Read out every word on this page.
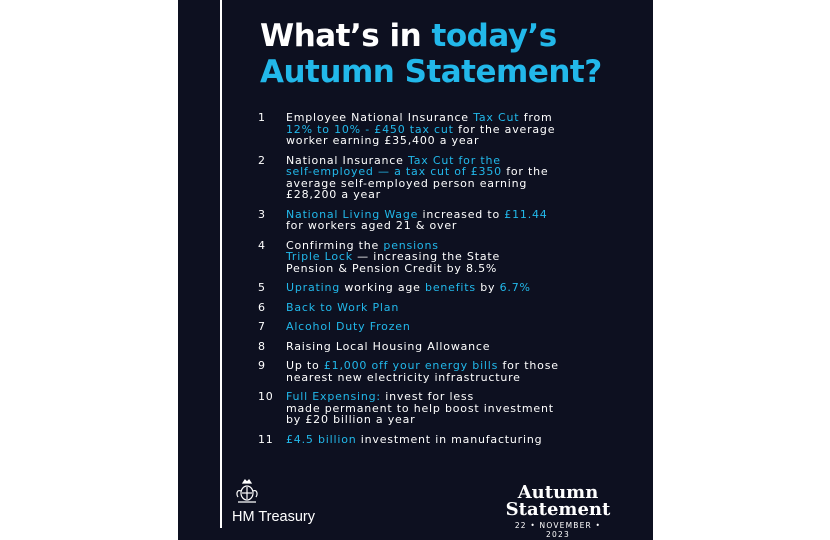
What’s in today’s
Autumn Statement?
1	Employee National Insurance Tax Cut from
12% to 10% - £450 tax cut for the average
worker earning £35,400 a year
2	National Insurance Tax Cut for the
self-employed — a tax cut of £350 for the
average self-employed person earning
£28,200 a year
3	National Living Wage increased to £11.44
for workers aged 21 & over
4	Confirming the pensions
Triple Lock — increasing the State
Pension & Pension Credit by 8.5%
5	Uprating working age benefits by 6.7%
6	Back to Work Plan
7	Alcohol Duty Frozen
8	Raising Local Housing Allowance
9	Up to £1,000 off your energy bills for those
nearest new electricity infrastructure
10	Full Expensing: invest for less
made permanent to help boost investment
by £20 billion a year
11	£4.5 billion investment in manufacturing
HM Treasury
Autumn
Statement
22 • NOVEMBER • 2023
